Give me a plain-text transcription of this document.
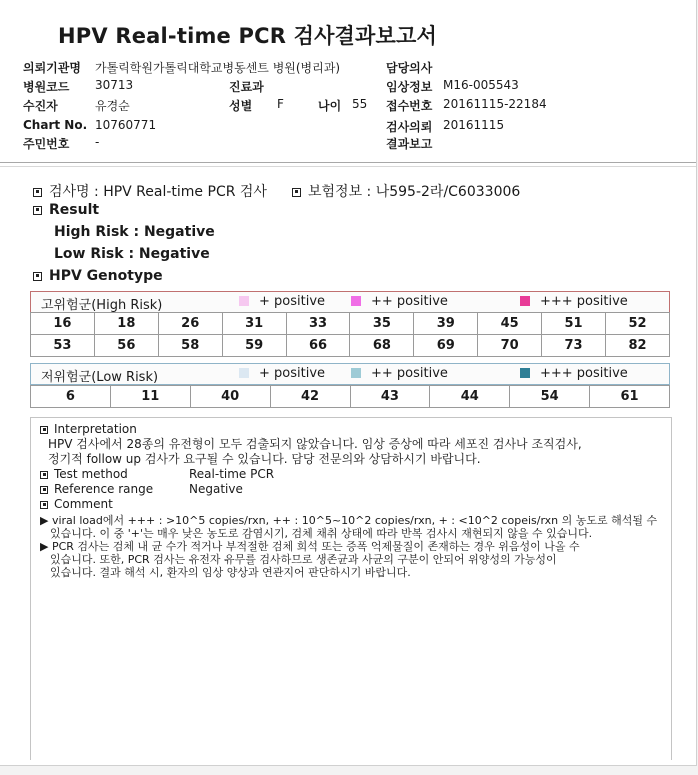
HPV Real-time PCR 검사결과보고서
의뢰기관명 가톨릭학원가톨릭대학교병동센트 병원(병리과)	담당의사
병원코드 30713	진료과	임상정보 M16-005543
수진자	유경순	성별 F	나이 55 접수번호 20161115-22184
Chart No. 10760771	검사의뢰 20161115
주민번호 -	결과보고
검사명 : HPV Real-time PCR 검사	보험정보 : 나595-2라/C6033006
Result
High Risk : Negative
Low Risk : Negative
HPV Genotype
고위험군(High Risk)	+ positive	++ positive	+++ positive
16	18	26	31	33	35	39	45	51	52
53	56	58	59	66	68	69	70	73	82
저위험군(Low Risk)	+ positive	++ positive	+++ positive
6	11	40	42	43	44	54	61
Interpretation
HPV 검사에서 28종의 유전형이 모두 검출되지 않았습니다. 임상 증상에 따라 세포진 검사나 조직검사,
정기적 follow up 검사가 요구될 수 있습니다. 담당 전문의와 상담하시기 바랍니다.
Test method	Real-time PCR
Reference range	Negative
Comment
▶ viral load에서 +++ : >10^5 copies/rxn, ++ : 10^5~10^2 copies/rxn, + : <10^2 copeis/rxn 의 농도로 해석될 수
있습니다. 이 중 '+'는 매우 낮은 농도로 감염시기, 검체 채취 상태에 따라 반복 검사시 재현되지 않을 수 있습니다.
▶ PCR 검사는 검체 내 균 수가 적거나 부적절한 검체 희석 또는 증폭 억제물질이 존재하는 경우 위음성이 나올 수
있습니다. 또한, PCR 검사는 유전자 유무를 검사하므로 생존균과 사균의 구분이 안되어 위양성의 가능성이
있습니다. 결과 해석 시, 환자의 임상 양상과 연관지어 판단하시기 바랍니다.
